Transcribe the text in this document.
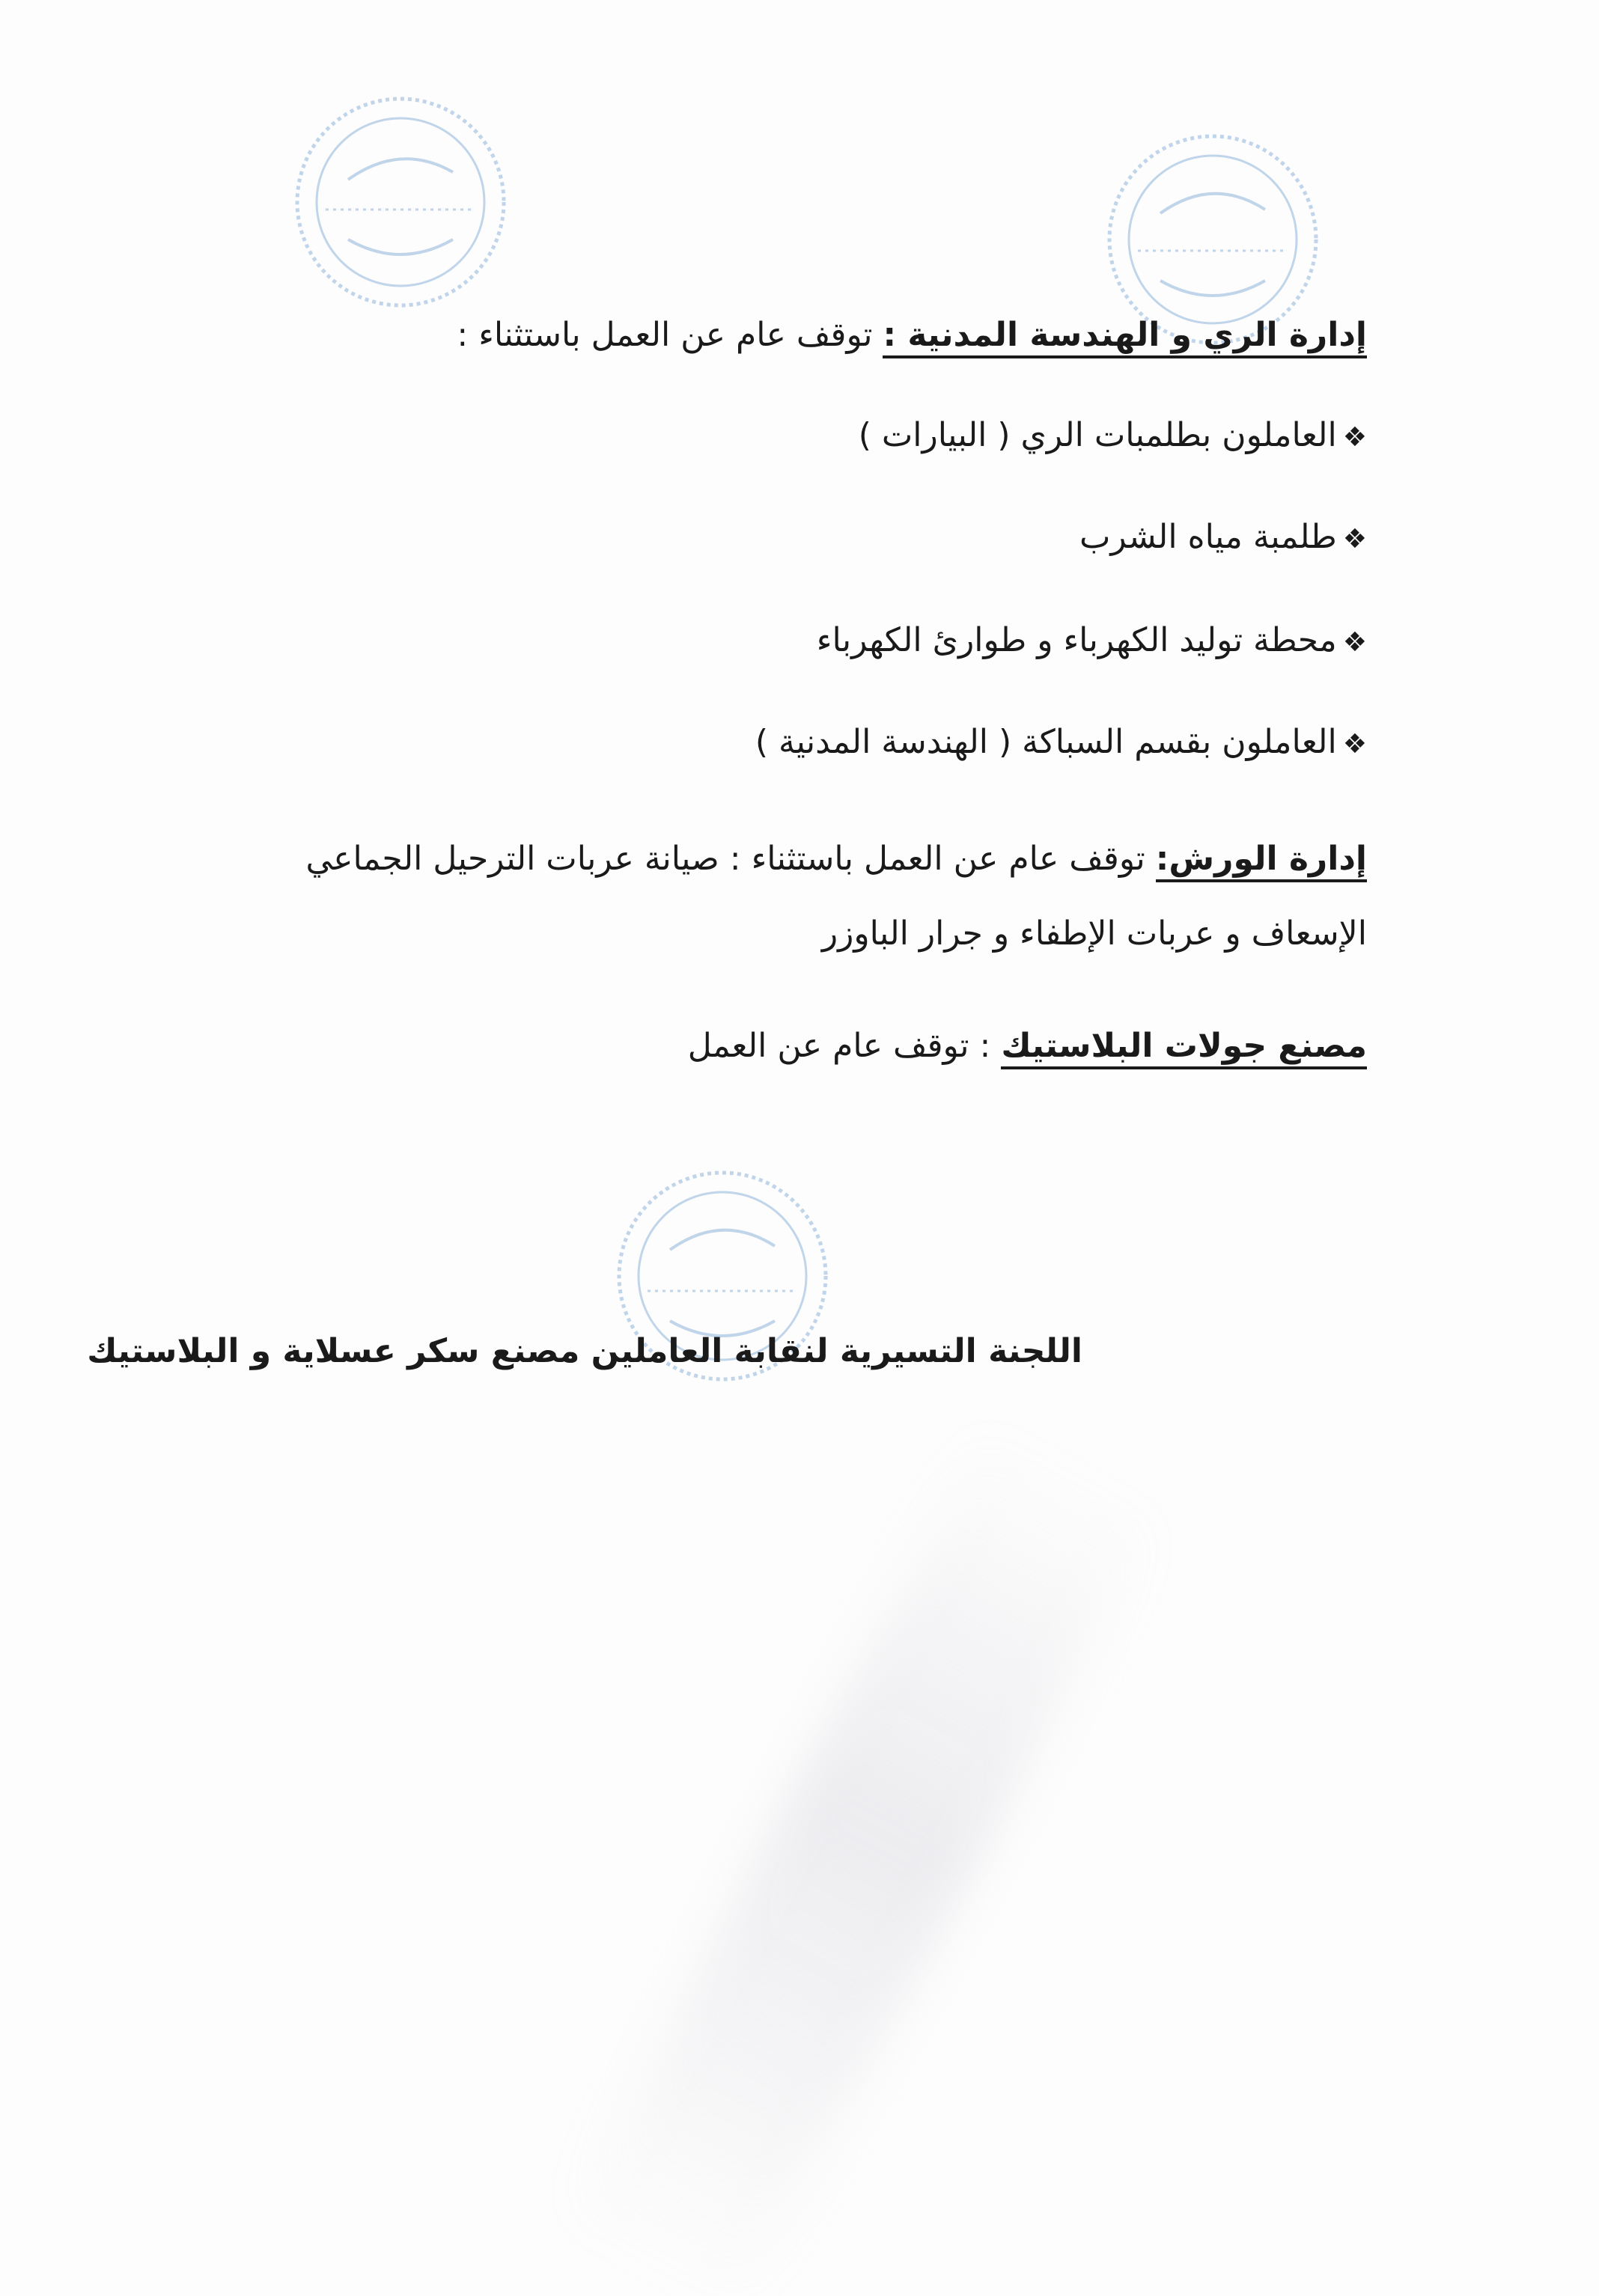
إدارة الري و الهندسة المدنية : توقف عام عن العمل باستثناء :
❖العاملون بطلمبات الري ( البيارات )
❖طلمبة مياه الشرب
❖محطة توليد الكهرباء و طوارئ الكهرباء
❖العاملون بقسم السباكة ( الهندسة المدنية )
إدارة الورش: توقف عام عن العمل باستثناء : صيانة عربات الترحيل الجماعي
الإسعاف و عربات الإطفاء و جرار الباوزر
مصنع جولات البلاستيك : توقف عام عن العمل
اللجنة التسيرية لنقابة العاملين مصنع سكر عسلاية و البلاستيك
